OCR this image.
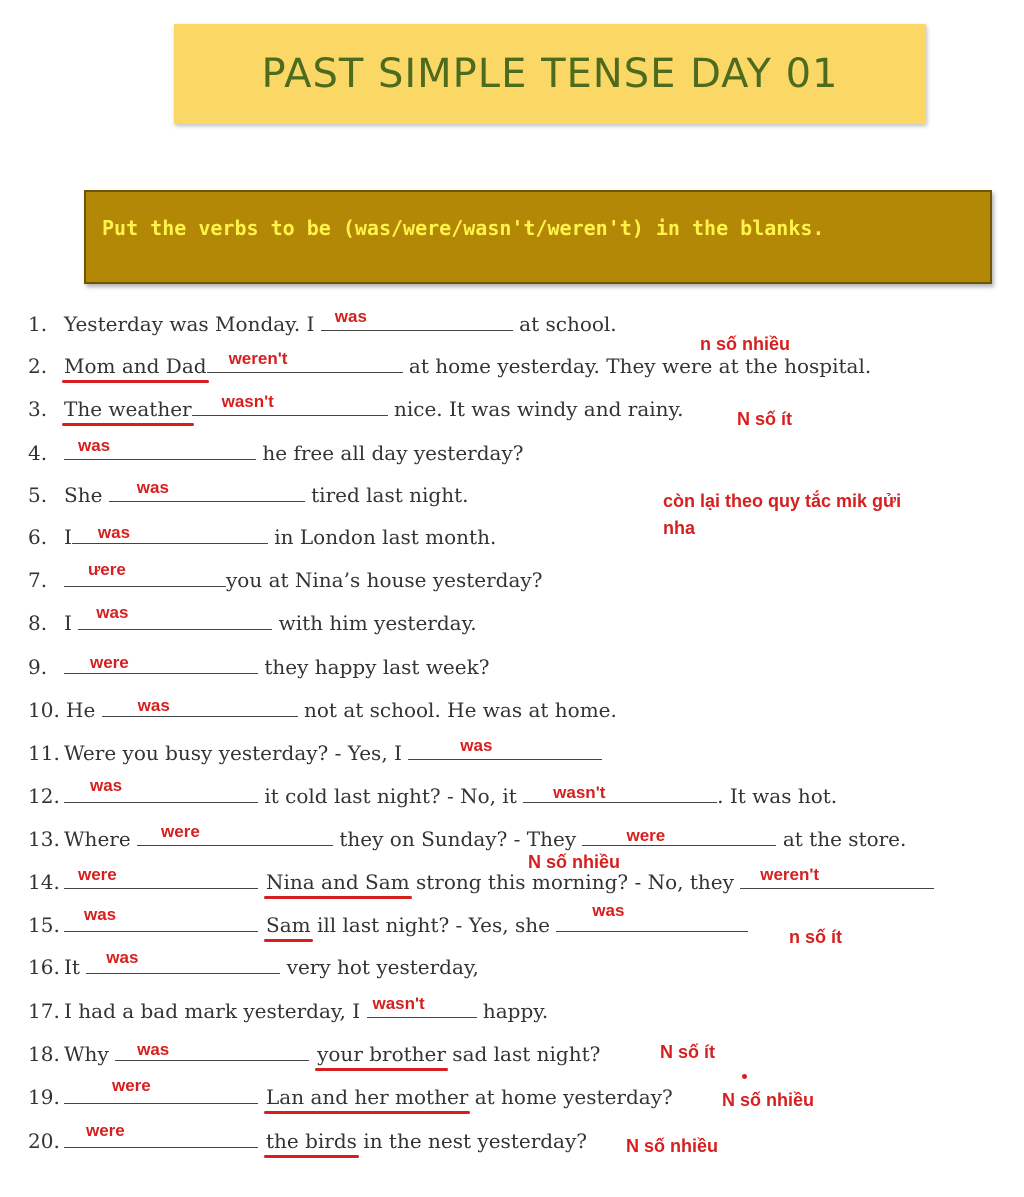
PAST SIMPLE TENSE DAY 01
Put the verbs to be (was/were/wasn't/weren't) in the blanks.
1. Yesterday was Monday. I was	at school.
2. Mom and Dad weren't	at home yesterday. They were at the hospital.
3. The weather wasn't	nice. It was windy and rainy.
4. was	he free all day yesterday?
5. She was	tired last night.
6. I was	in London last month.
7. ưere	you at Nina’s house yesterday?
8. I was	with him yesterday.
9.	were	they happy last week?
10. He was	not at school. He was at home.
11. Were you busy yesterday? - Yes, I	was
12. was	it cold last night? - No, it wasn't	. It was hot.
13. Where were	they on Sunday? - They	were	at the store.
14. were	Nina and Sam strong this morning? - No, they weren't
15. was	Sam ill last night? - Yes, she
was
16. It was	very hot yesterday,
17. I had a bad mark yesterday, I wasn't	happy.
18. Why was	your brother sad last night?
19.	were	Lan and her mother at home yesterday?
20. were	the birds in the nest yesterday?
n số nhiều
N số ít
còn lại theo quy tắc mik gửi nha
N số nhiều
n số ít
N số ít
N số nhiều
N số nhiều
